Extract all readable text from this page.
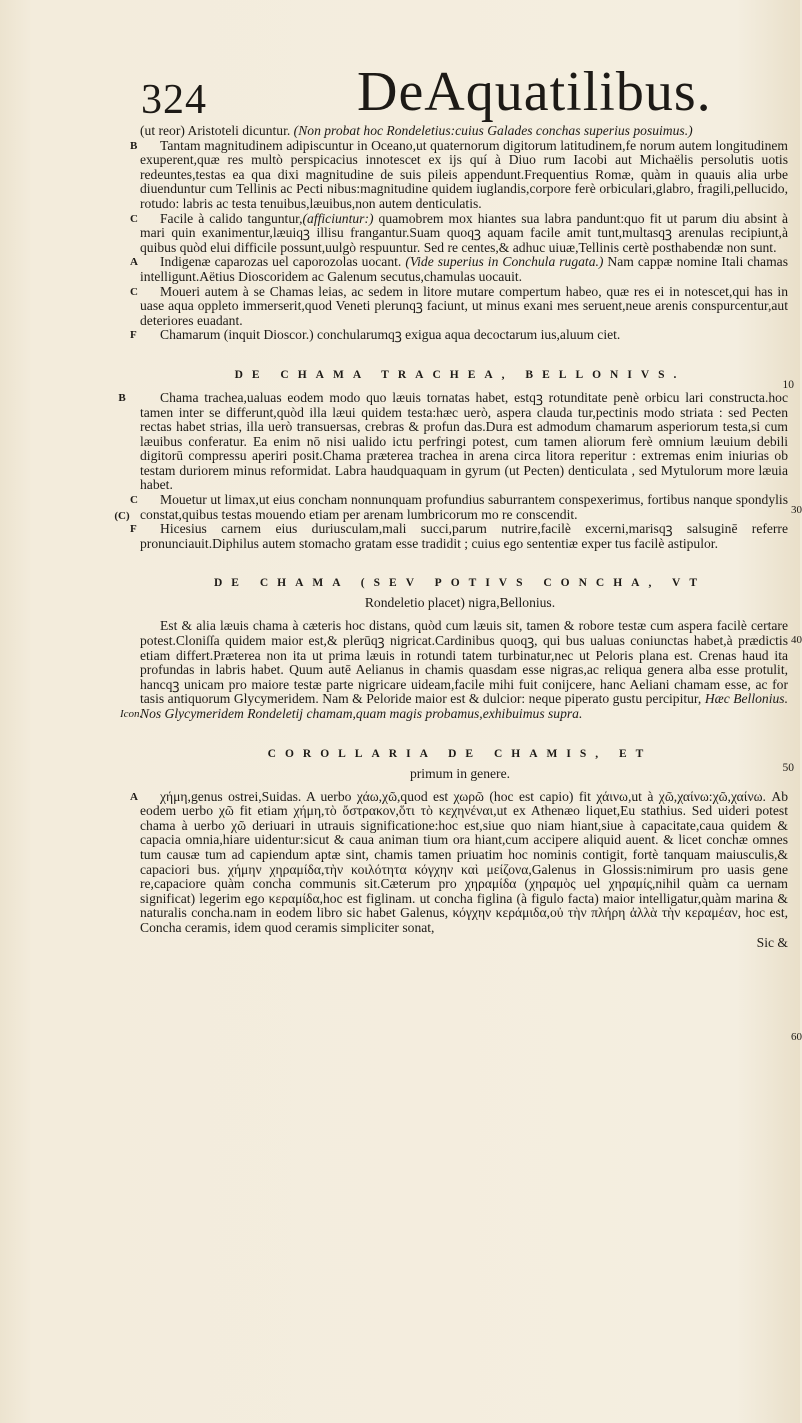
324	DeAquatilibus.
(ut reor) Aristoteli dicuntur. (Non probat hoc Rondeletius:cuius Galades conchas superius posuimus.)
B Tantam magnitudinem adipiscuntur in Oceano,ut quaternorum digitorum latitudinem,fe norum autem longitudinem exuperent,quæ res multò perspicacius innotescet ex ijs quí à Diuo rum Iacobi aut Michaëlis persolutis uotis redeuntes,testas ea qua dixi magnitudine de suis pileis appendunt.Frequentius Romæ, quàm in quauis alia urbe diuenduntur cum Tellinis ac Pecti nibus:magnitudine quidem iuglandis,corpore ferè orbiculari,glabro, fragili,pellucido, rotudo: labris ac testa tenuibus,læuibus,non autem denticulatis.
C Facile à calido tanguntur,(afficiuntur:) quamobrem mox hiantes sua labra pandunt:quo fit ut parum diu absint à mari quin exanimentur,læuiqꝫ illisu frangantur.Suam quoqꝫ aquam facile amit tunt,multasqꝫ arenulas recipiunt,à quibus quòd elui difficile possunt,uulgò respuuntur. Sed re centes,& adhuc uiuæ,Tellinis certè posthabendæ non sunt.
A Indigenæ caparozas uel caporozolas uocant. (Vide superius in Conchula rugata.) Nam cappæ nomine Itali chamas intelligunt.Aëtius Dioscoridem ac Galenum secutus,chamulas uocauit.
C Moueri autem à se Chamas leias, ac sedem in litore mutare compertum habeo, quæ res ei in notescet,qui has in uase aqua oppleto immerserit,quod Veneti plerunqꝫ faciunt, ut minus exani mes seruent,neue arenis conspurcentur,aut deteriores euadant.
F Chamarum (inquit Dioscor.) conchularumqꝫ exigua aqua decoctarum ius,aluum ciet.
DE CHAMA TRACHEA, BELLONIVS.
10
B
(C)
Chama trachea,ualuas eodem modo quo læuis tornatas habet, estqꝫ rotunditate penè orbicu lari constructa.hoc tamen inter se differunt,quòd illa læui quidem testa:hæc uerò, aspera clauda tur,pectinis modo striata : sed Pecten rectas habet strias, illa uerò transuersas, crebras & profun das.Dura est admodum chamarum asperiorum testa,si cum læuibus conferatur. Ea enim nō nisi ualido ictu perfringi potest, cum tamen aliorum ferè omnium læuium debili digitorū compressu aperiri posit.Chama præterea trachea in arena circa litora reperitur : extremas enim iniurias ob testam duriorem minus reformidat. Labra haudquaquam in gyrum (ut Pecten) denticulata , sed Mytulorum more læuia habet.
C Mouetur ut limax,ut eius concham nonnunquam profundius saburrantem conspexerimus, fortibus nanque spondylis constat,quibus testas mouendo etiam per arenam lumbricorum mo re conscendit.	30
F Hicesius carnem eius duriusculam,mali succi,parum nutrire,facilè excerni,marisqꝫ salsuginē referre pronunciauit.Diphilus autem stomacho gratam esse tradidit ; cuius ego sententiæ exper tus facilè astipulor.
DE CHAMA (SEV POTIVS CONCHA, VT
Rondeletio placet) nigra,Bellonius.
Est & alia læuis chama à cæteris hoc distans, quòd cum læuis sit, tamen & robore testæ cum aspera facilè certare potest.Cloniſſa quidem maior est,& plerūqꝫ nigricat.Cardinibus quoqꝫ, qui bus ualuas coniunctas habet,à prædictis etiam differt.Præterea non ita ut prima læuis in rotundi tatem turbinatur,nec ut Peloris plana est. Crenas haud ita profundas in labris habet. Quum autē Aelianus in chamis quasdam esse nigras,ac reliqua genera alba esse protulit, hancqꝫ unicam pro maiore testæ parte nigricare uideam,facile mihi fuit conijcere, hanc Aeliani chamam esse, ac for tasis antiquorum Glycymeridem. Nam & Peloride maior est & dulcior: neque piperato gustu percipitur, Hæc Bellonius. Nos Glycymeridem Rondeletij chamam,quam magis probamus,exhibuimus supra.
Icon.
40
COROLLARIA DE CHAMIS, ET
50
primum in genere.
A χήμη,genus ostrei,Suidas. A uerbo χάω,χῶ,quod est χωρῶ (hoc est capio) fit χάινω,ut à χῶ,χαίνω:χῶ,χαίνω. Ab eodem uerbo χῶ fit etiam χήμη,τὸ ὄστρακον,ὅτι τὸ κεχηνέναι,ut ex Athenæo liquet,Eu stathius. Sed uideri potest chama à uerbo χῶ deriuari in utrauis significatione:hoc est,siue quo niam hiant,siue à capacitate,caua quidem & capacia omnia,hiare uidentur:sicut & caua animan tium ora hiant,cum accipere aliquid auent. & licet conchæ omnes tum causæ tum ad capiendum aptæ sint, chamis tamen priuatim hoc nominis contigit, fortè tanquam maiusculis,& capaciori bus. χήμην χηραμίδα,τὴν κοιλότητα κόγχην καὶ μείζονα,Galenus in Glossis:nimirum pro uasis gene re,capaciore quàm concha communis sit.Cæterum pro χηραμίδα (χηραμὸς uel χηραμίς,nihil quàm ca uernam significat) legerim ego κεραμίδα,hoc est figlinam. ut concha figlina (à figulo facta) maior intelligatur,quàm marina & naturalis concha.nam in eodem libro sic habet Galenus, κόγχην κεράμιδα,οὐ τὴν πλήρη ἀλλὰ τὴν κεραμέαν, hoc est, Concha ceramis, idem quod ceramis simpliciter sonat,
60
Sic &
